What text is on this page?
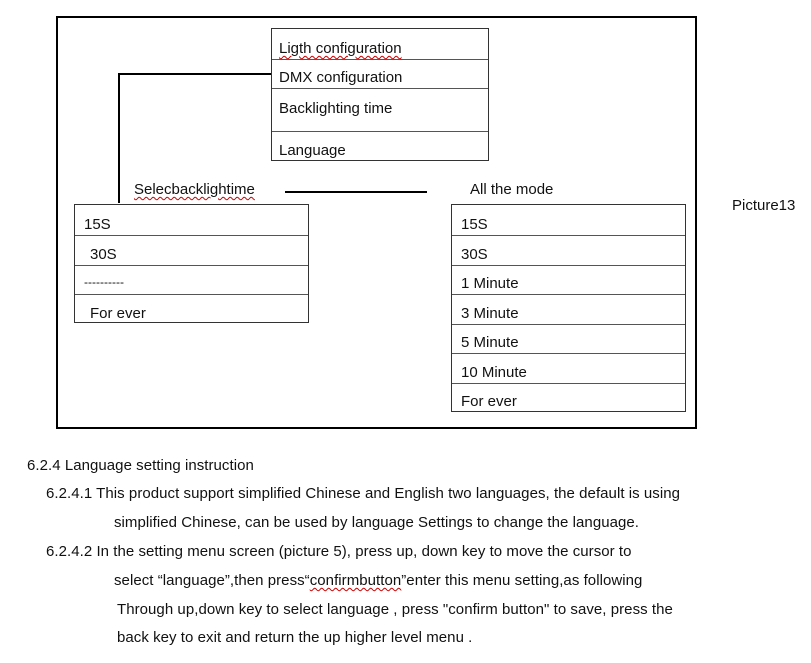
Ligth configuration
DMX configuration
Backlighting time
Language
Selecbacklightime	All the mode
15S
30S
----------
For ever
15S
30S
1 Minute
3 Minute
5 Minute
10 Minute
For ever
Picture13
6.2.4 Language setting instruction
6.2.4.1 This product support simplified Chinese and English two languages, the default is using
simplified Chinese, can be used by language Settings to change the language.
6.2.4.2 In the setting menu screen (picture 5), press up, down key to move the cursor to
select “language”,then press“confirmbutton”enter this menu setting,as following
Through up,down key to select language , press "confirm button" to save, press the
back key to exit and return the up higher level menu .
